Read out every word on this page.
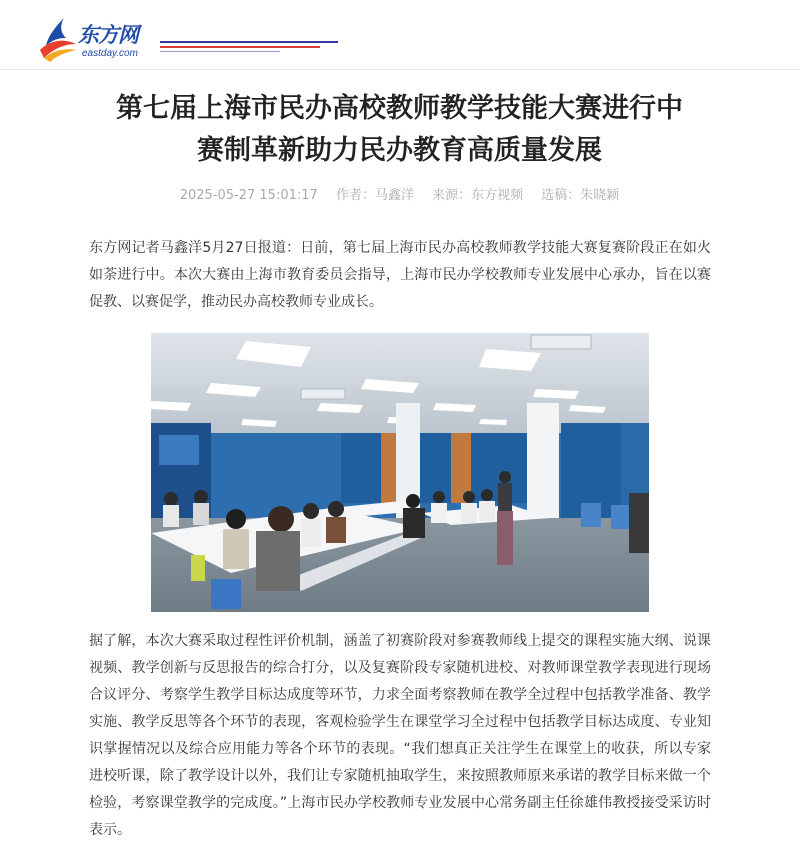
东方网
eastday.com
第七届上海市民办高校教师教学技能大赛进行中
赛制革新助力民办教育高质量发展
2025-05-27 15:01:17 作者：马鑫洋 来源：东方视频 选稿：朱晓颖

东方网记者马鑫洋5月27日报道：日前，第七届上海市民办高校教师教学技能大赛复赛阶段正在如火如荼进行中。本次大赛由上海市教育委员会指导，上海市民办学校教师专业发展中心承办，旨在以赛促教、以赛促学，推动民办高校教师专业成长。

据了解，本次大赛采取过程性评价机制，涵盖了初赛阶段对参赛教师线上提交的课程实施大纲、说课视频、教学创新与反思报告的综合打分，以及复赛阶段专家随机进校、对教师课堂教学表现进行现场合议评分、考察学生教学目标达成度等环节，力求全面考察教师在教学全过程中包括教学准备、教学实施、教学反思等各个环节的表现，客观检验学生在课堂学习全过程中包括教学目标达成度、专业知识掌握情况以及综合应用能力等各个环节的表现。“我们想真正关注学生在课堂上的收获，所以专家进校听课，除了教学设计以外，我们让专家随机抽取学生，来按照教师原来承诺的教学目标来做一个检验，考察课堂教学的完成度。”上海市民办学校教师专业发展中心常务副主任徐雄伟教授接受采访时表示。
